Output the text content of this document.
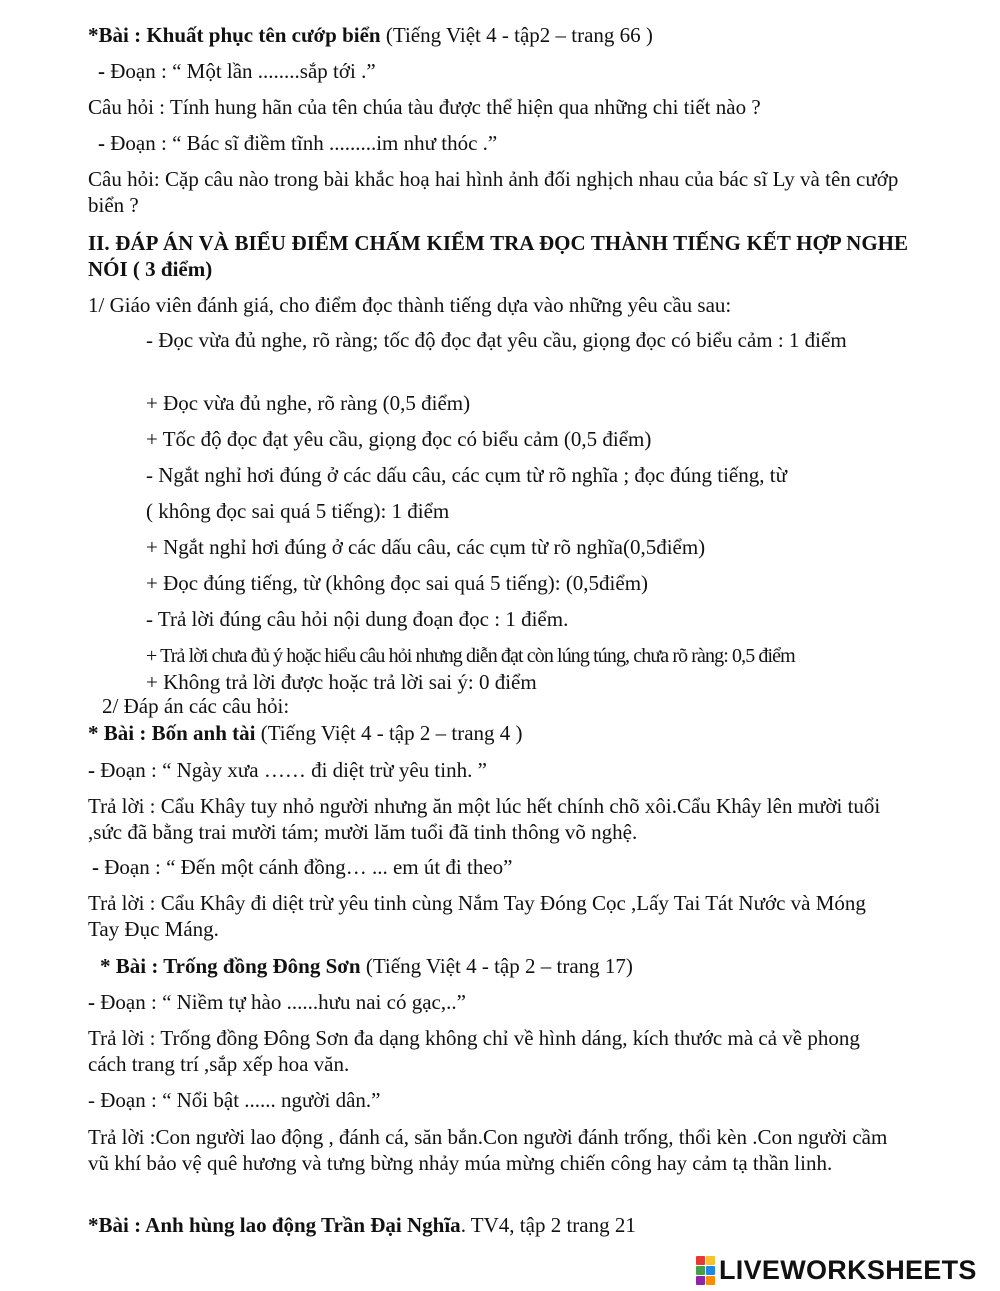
*Bài : Khuất phục tên cướp biển (Tiếng Việt 4 - tập2 – trang 66 )
- Đoạn : “ Một lần ........sắp tới .”
Câu hỏi : Tính hung hãn của tên chúa tàu được thể hiện qua những chi tiết nào ?
- Đoạn : “ Bác sĩ điềm tĩnh .........im như thóc .”
Câu hỏi: Cặp câu nào trong bài khắc hoạ hai hình ảnh đối nghịch nhau của bác sĩ Ly và tên cướp biển ?
II. ĐÁP ÁN VÀ BIỂU ĐIỂM CHẤM KIỂM TRA ĐỌC THÀNH TIẾNG KẾT HỢP NGHE NÓI ( 3 điểm)
1/ Giáo viên đánh giá, cho điểm đọc thành tiếng dựa vào những yêu cầu sau:
- Đọc vừa đủ nghe, rõ ràng; tốc độ đọc đạt yêu cầu, giọng đọc có biểu cảm : 1 điểm
+ Đọc vừa đủ nghe, rõ ràng (0,5 điểm)
+ Tốc độ đọc đạt yêu cầu, giọng đọc có biểu cảm (0,5 điểm)
- Ngắt nghỉ hơi đúng ở các dấu câu, các cụm từ rõ nghĩa ; đọc đúng tiếng, từ
( không đọc sai quá 5 tiếng): 1 điểm
+ Ngắt nghỉ hơi đúng ở các dấu câu, các cụm từ rõ nghĩa(0,5điểm)
+ Đọc đúng tiếng, từ (không đọc sai quá 5 tiếng): (0,5điểm)
- Trả lời đúng câu hỏi nội dung đoạn đọc : 1 điểm.
+ Trả lời chưa đủ ý hoặc hiểu câu hỏi nhưng diễn đạt còn lúng túng, chưa rõ ràng: 0,5 điểm
+ Không trả lời được hoặc trả lời sai ý: 0 điểm
2/ Đáp án các câu hỏi:
* Bài : Bốn anh tài (Tiếng Việt 4 - tập 2 – trang 4 )
- Đoạn : “ Ngày xưa …… đi diệt trừ yêu tinh. ”
Trả lời : Cẩu Khây tuy nhỏ người nhưng ăn một lúc hết chính chõ xôi.Cẩu Khây lên mười tuổi ,sức đã bằng trai mười tám; mười lăm tuổi đã tinh thông võ nghệ.
- Đoạn : “ Đến một cánh đồng… ... em út đi theo”
Trả lời : Cẩu Khây đi diệt trừ yêu tinh cùng Nắm Tay Đóng Cọc ,Lấy Tai Tát Nước và Móng Tay Đục Máng.
* Bài : Trống đồng Đông Sơn (Tiếng Việt 4 - tập 2 – trang 17)
- Đoạn : “ Niềm tự hào ......hưu nai có gạc,..”
Trả lời : Trống đồng Đông Sơn đa dạng không chỉ về hình dáng, kích thước mà cả về phong cách trang trí ,sắp xếp hoa văn.
- Đoạn : “ Nổi bật ...... người dân.”
Trả lời :Con người lao động , đánh cá, săn bắn.Con người đánh trống, thổi kèn .Con người cầm vũ khí bảo vệ quê hương và tưng bừng nhảy múa mừng chiến công hay cảm tạ thần linh.
*Bài : Anh hùng lao động Trần Đại Nghĩa. TV4, tập 2 trang 21
LIVEWORKSHEETS
